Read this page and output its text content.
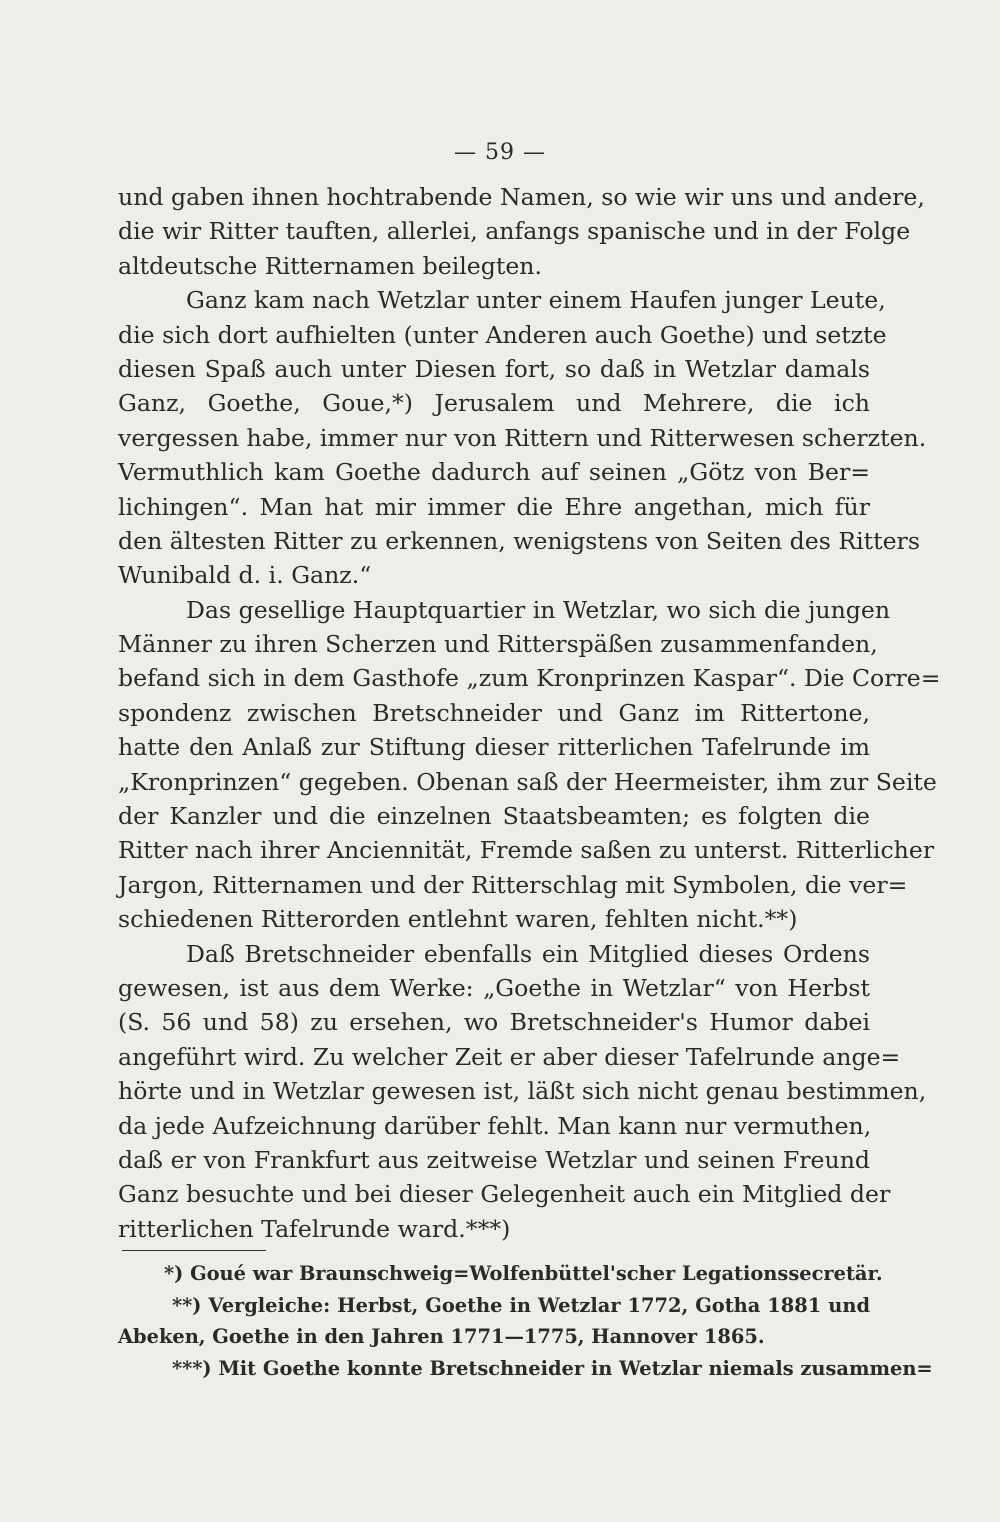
— 59 —
und gaben ihnen hochtrabende Namen, so wie wir uns und andere,
die wir Ritter tauften, allerlei, anfangs spanische und in der Folge
altdeutsche Ritternamen beilegten.
Ganz kam nach Wetzlar unter einem Haufen junger Leute,
die sich dort aufhielten (unter Anderen auch Goethe) und setzte
diesen Spaß auch unter Diesen fort, so daß in Wetzlar damals
Ganz, Goethe, Goue,*) Jerusalem und Mehrere, die ich
vergessen habe, immer nur von Rittern und Ritterwesen scherzten.
Vermuthlich kam Goethe dadurch auf seinen „Götz von Ber=
lichingen“. Man hat mir immer die Ehre angethan, mich für
den ältesten Ritter zu erkennen, wenigstens von Seiten des Ritters
Wunibald d. i. Ganz.“
Das gesellige Hauptquartier in Wetzlar, wo sich die jungen
Männer zu ihren Scherzen und Ritterspäßen zusammenfanden,
befand sich in dem Gasthofe „zum Kronprinzen Kaspar“. Die Corre=
spondenz zwischen Bretschneider und Ganz im Rittertone,
hatte den Anlaß zur Stiftung dieser ritterlichen Tafelrunde im
„Kronprinzen“ gegeben. Obenan saß der Heermeister, ihm zur Seite
der Kanzler und die einzelnen Staatsbeamten; es folgten die
Ritter nach ihrer Anciennität, Fremde saßen zu unterst. Ritterlicher
Jargon, Ritternamen und der Ritterschlag mit Symbolen, die ver=
schiedenen Ritterorden entlehnt waren, fehlten nicht.**)
Daß Bretschneider ebenfalls ein Mitglied dieses Ordens
gewesen, ist aus dem Werke: „Goethe in Wetzlar“ von Herbst
(S. 56 und 58) zu ersehen, wo Bretschneider's Humor dabei
angeführt wird. Zu welcher Zeit er aber dieser Tafelrunde ange=
hörte und in Wetzlar gewesen ist, läßt sich nicht genau bestimmen,
da jede Aufzeichnung darüber fehlt. Man kann nur vermuthen,
daß er von Frankfurt aus zeitweise Wetzlar und seinen Freund
Ganz besuchte und bei dieser Gelegenheit auch ein Mitglied der
ritterlichen Tafelrunde ward.***)
*) Goué war Braunschweig=Wolfenbüttel'scher Legationssecretär.
**) Vergleiche: Herbst, Goethe in Wetzlar 1772, Gotha 1881 und
Abeken, Goethe in den Jahren 1771—1775, Hannover 1865.
***) Mit Goethe konnte Bretschneider in Wetzlar niemals zusammen=
